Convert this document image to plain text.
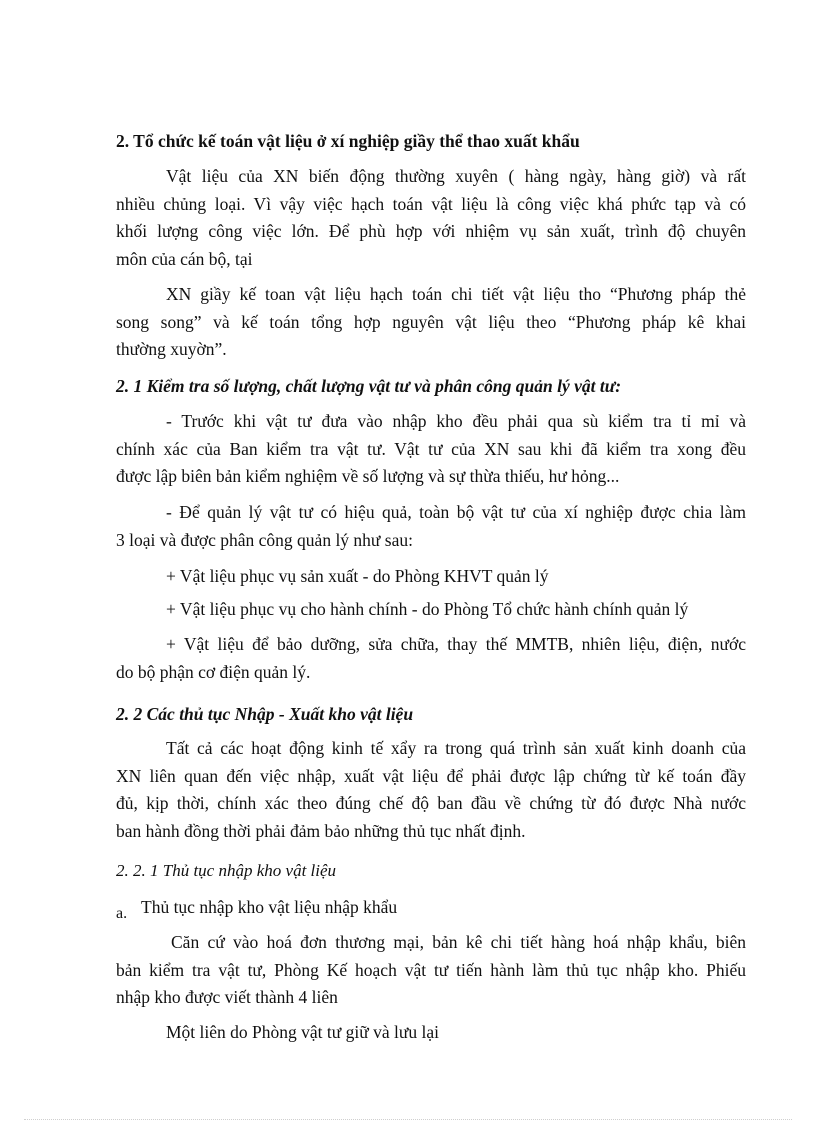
2. Tổ chức kế toán vật liệu ở xí nghiệp giầy thể thao xuất khẩu
Vật liệu của XN biến động thường xuyên ( hàng ngày, hàng giờ) và rất
nhiều chủng loại. Vì vậy việc hạch toán vật liệu là công việc khá phức tạp và có
khối lượng công việc lớn. Để phù hợp với nhiệm vụ sản xuất, trình độ chuyên
môn của cán bộ, tại
XN giầy kế toan vật liệu hạch toán chi tiết vật liệu tho “Phương pháp thẻ
song song” và kế toán tổng hợp nguyên vật liệu theo “Phương pháp kê khai
thường xuyờn”.
2. 1 Kiểm tra số lượng, chất lượng vật tư và phân công quản lý vật tư:
- Trước khi vật tư đưa vào nhập kho đều phải qua sù kiểm tra tỉ mỉ và
chính xác của Ban kiểm tra vật tư. Vật tư của XN sau khi đã kiểm tra xong đều
được lập biên bản kiểm nghiệm về số lượng và sự thừa thiếu, hư hỏng...
- Để quản lý vật tư có hiệu quả, toàn bộ vật tư của xí nghiệp được chia làm
3 loại và được phân công quản lý như sau:
+ Vật liệu phục vụ sản xuất - do Phòng KHVT quản lý
+ Vật liệu phục vụ cho hành chính - do Phòng Tổ chức hành chính quản lý
+ Vật liệu để bảo dưỡng, sửa chữa, thay thế MMTB, nhiên liệu, điện, nước
do bộ phận cơ điện quản lý.
2. 2 Các thủ tục Nhập - Xuất kho vật liệu
Tất cả các hoạt động kinh tế xẩy ra trong quá trình sản xuất kinh doanh của
XN liên quan đến việc nhập, xuất vật liệu để phải được lập chứng từ kế toán đầy
đủ, kịp thời, chính xác theo đúng chế độ ban đầu về chứng từ đó được Nhà nước
ban hành đồng thời phải đảm bảo những thủ tục nhất định.
2. 2. 1 Thủ tục nhập kho vật liệu
a. Thủ tục nhập kho vật liệu nhập khẩu
Căn cứ vào hoá đơn thương mại, bản kê chi tiết hàng hoá nhập khẩu, biên
bản kiểm tra vật tư, Phòng Kế hoạch vật tư tiến hành làm thủ tục nhập kho. Phiếu
nhập kho được viết thành 4 liên
Một liên do Phòng vật tư giữ và lưu lại
